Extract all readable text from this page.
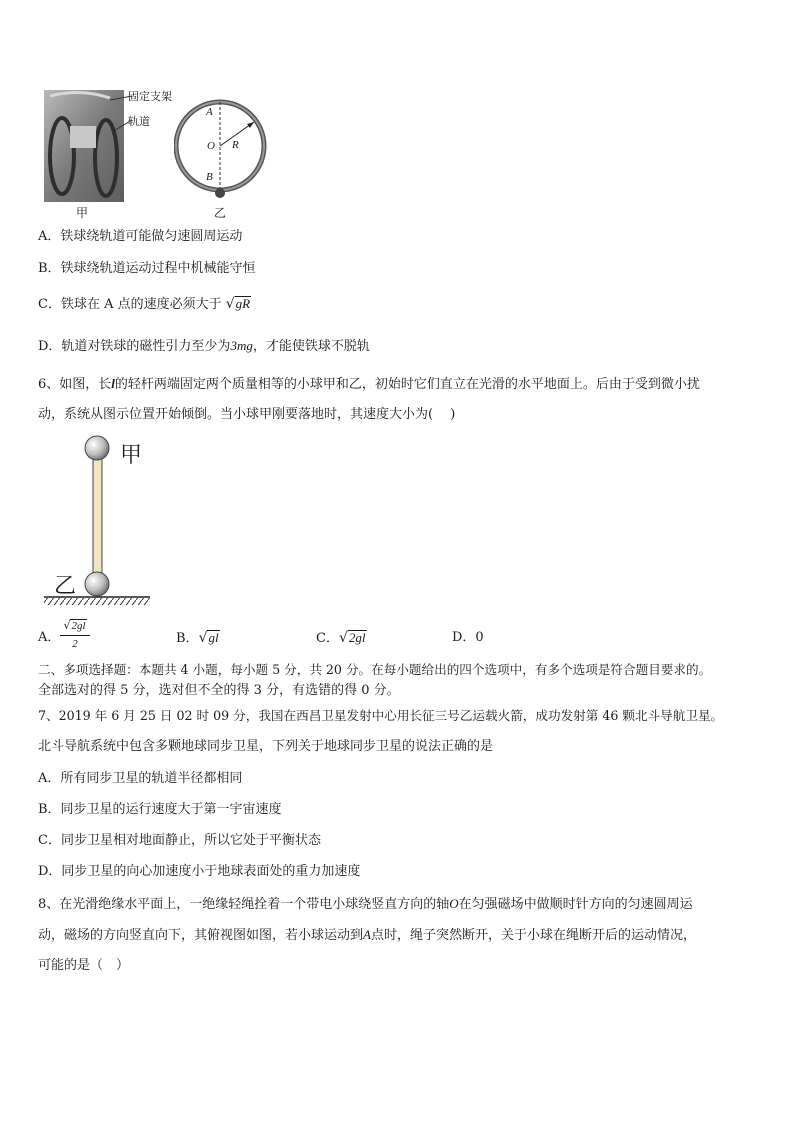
固定支架
轨道
甲
A
O R
B
乙
A．铁球绕轨道可能做匀速圆周运动
B．铁球绕轨道运动过程中机械能守恒
C．铁球在 A 点的速度必须大于 √gR
D．轨道对铁球的磁性引力至少为3mg，才能使铁球不脱轨
6、如图，长l的轻杆两端固定两个质量相等的小球甲和乙，初始时它们直立在光滑的水平地面上。后由于受到微小扰
动，系统从图示位置开始倾倒。当小球甲刚要落地时，其速度大小为(　 )
甲
乙
A．
√2gl
2	B．√gl	C．√2gl	D．0
二、多项选择题：本题共 4 小题，每小题 5 分，共 20 分。在每小题给出的四个选项中，有多个选项是符合题目要求的。
全部选对的得 5 分，选对但不全的得 3 分，有选错的得 0 分。
7、2019 年 6 月 25 日 02 时 09 分，我国在西昌卫星发射中心用长征三号乙运载火箭，成功发射第 46 颗北斗导航卫星。
北斗导航系统中包含多颗地球同步卫星，下列关于地球同步卫星的说法正确的是
A．所有同步卫星的轨道半径都相同
B．同步卫星的运行速度大于第一宇宙速度
C．同步卫星相对地面静止，所以它处于平衡状态
D．同步卫星的向心加速度小于地球表面处的重力加速度
8、在光滑绝缘水平面上，一绝缘轻绳拴着一个带电小球绕竖直方向的轴O在匀强磁场中做顺时针方向的匀速圆周运
动，磁场的方向竖直向下，其俯视图如图，若小球运动到A点时，绳子突然断开，关于小球在绳断开后的运动情况，
可能的是（　）
